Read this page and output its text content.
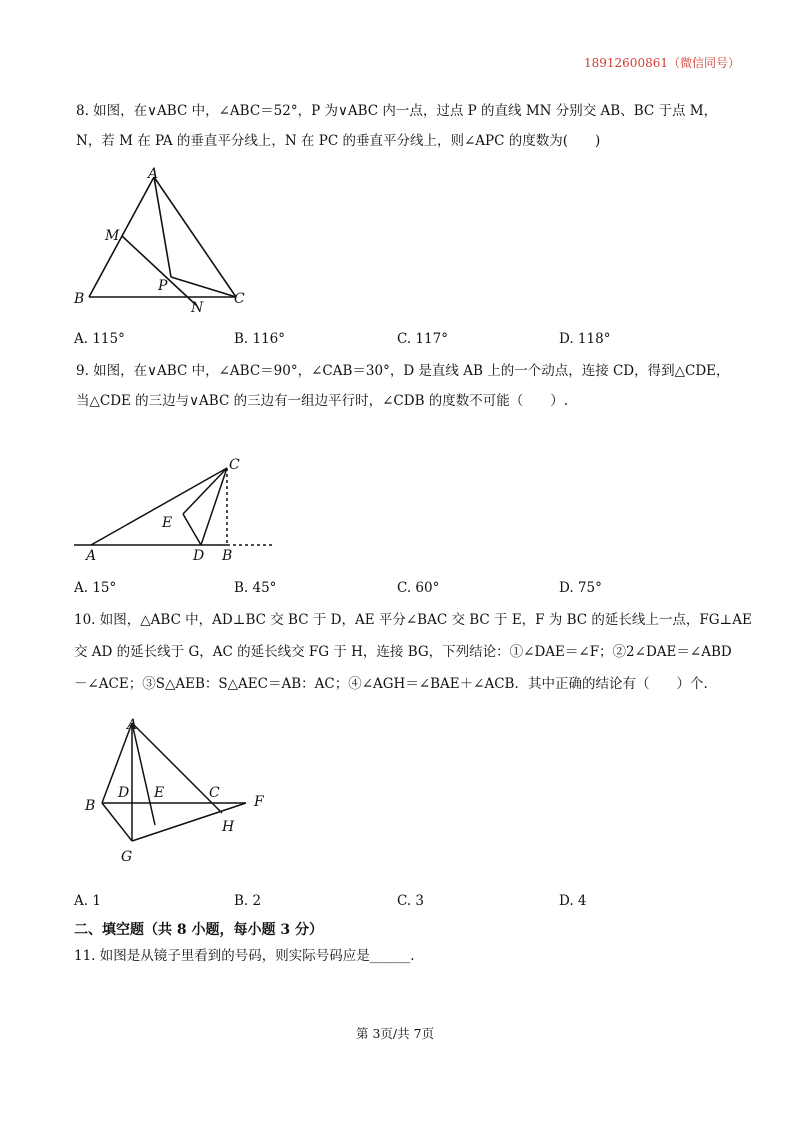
18912600861（微信同号）
8. 如图，在∨ABC 中，∠ABC＝52°，P 为∨ABC 内一点，过点 P 的直线 MN 分别交 AB、BC 于点 M，
N，若 M 在 PA 的垂直平分线上，N 在 PC 的垂直平分线上，则∠APC 的度数为(　　)
A
M
P
B
N
C
A. 115°	B. 116°	C. 117°	D. 118°
9. 如图，在∨ABC 中，∠ABC＝90°，∠CAB＝30°，D 是直线 AB 上的一个动点，连接 CD，得到△CDE，
当△CDE 的三边与∨ABC 的三边有一组边平行时，∠CDB 的度数不可能（　　）.
C
E
A	D B
A. 15°	B. 45°	C. 60°	D. 75°
10. 如图，△ABC 中，AD⊥BC 交 BC 于 D，AE 平分∠BAC 交 BC 于 E，F 为 BC 的延长线上一点，FG⊥AE
交 AD 的延长线于 G，AC 的延长线交 FG 于 H，连接 BG，下列结论：①∠DAE＝∠F；②2∠DAE＝∠ABD
－∠ACE；③S△AEB：S△AEC＝AB：AC；④∠AGH＝∠BAE＋∠ACB．其中正确的结论有（　　）个.
A
B
D E	C
F
H
G
A. 1	B. 2	C. 3	D. 4
二、填空题（共 8 小题，每小题 3 分）
11. 如图是从镜子里看到的号码，则实际号码应是______.
第 3页/共 7页
